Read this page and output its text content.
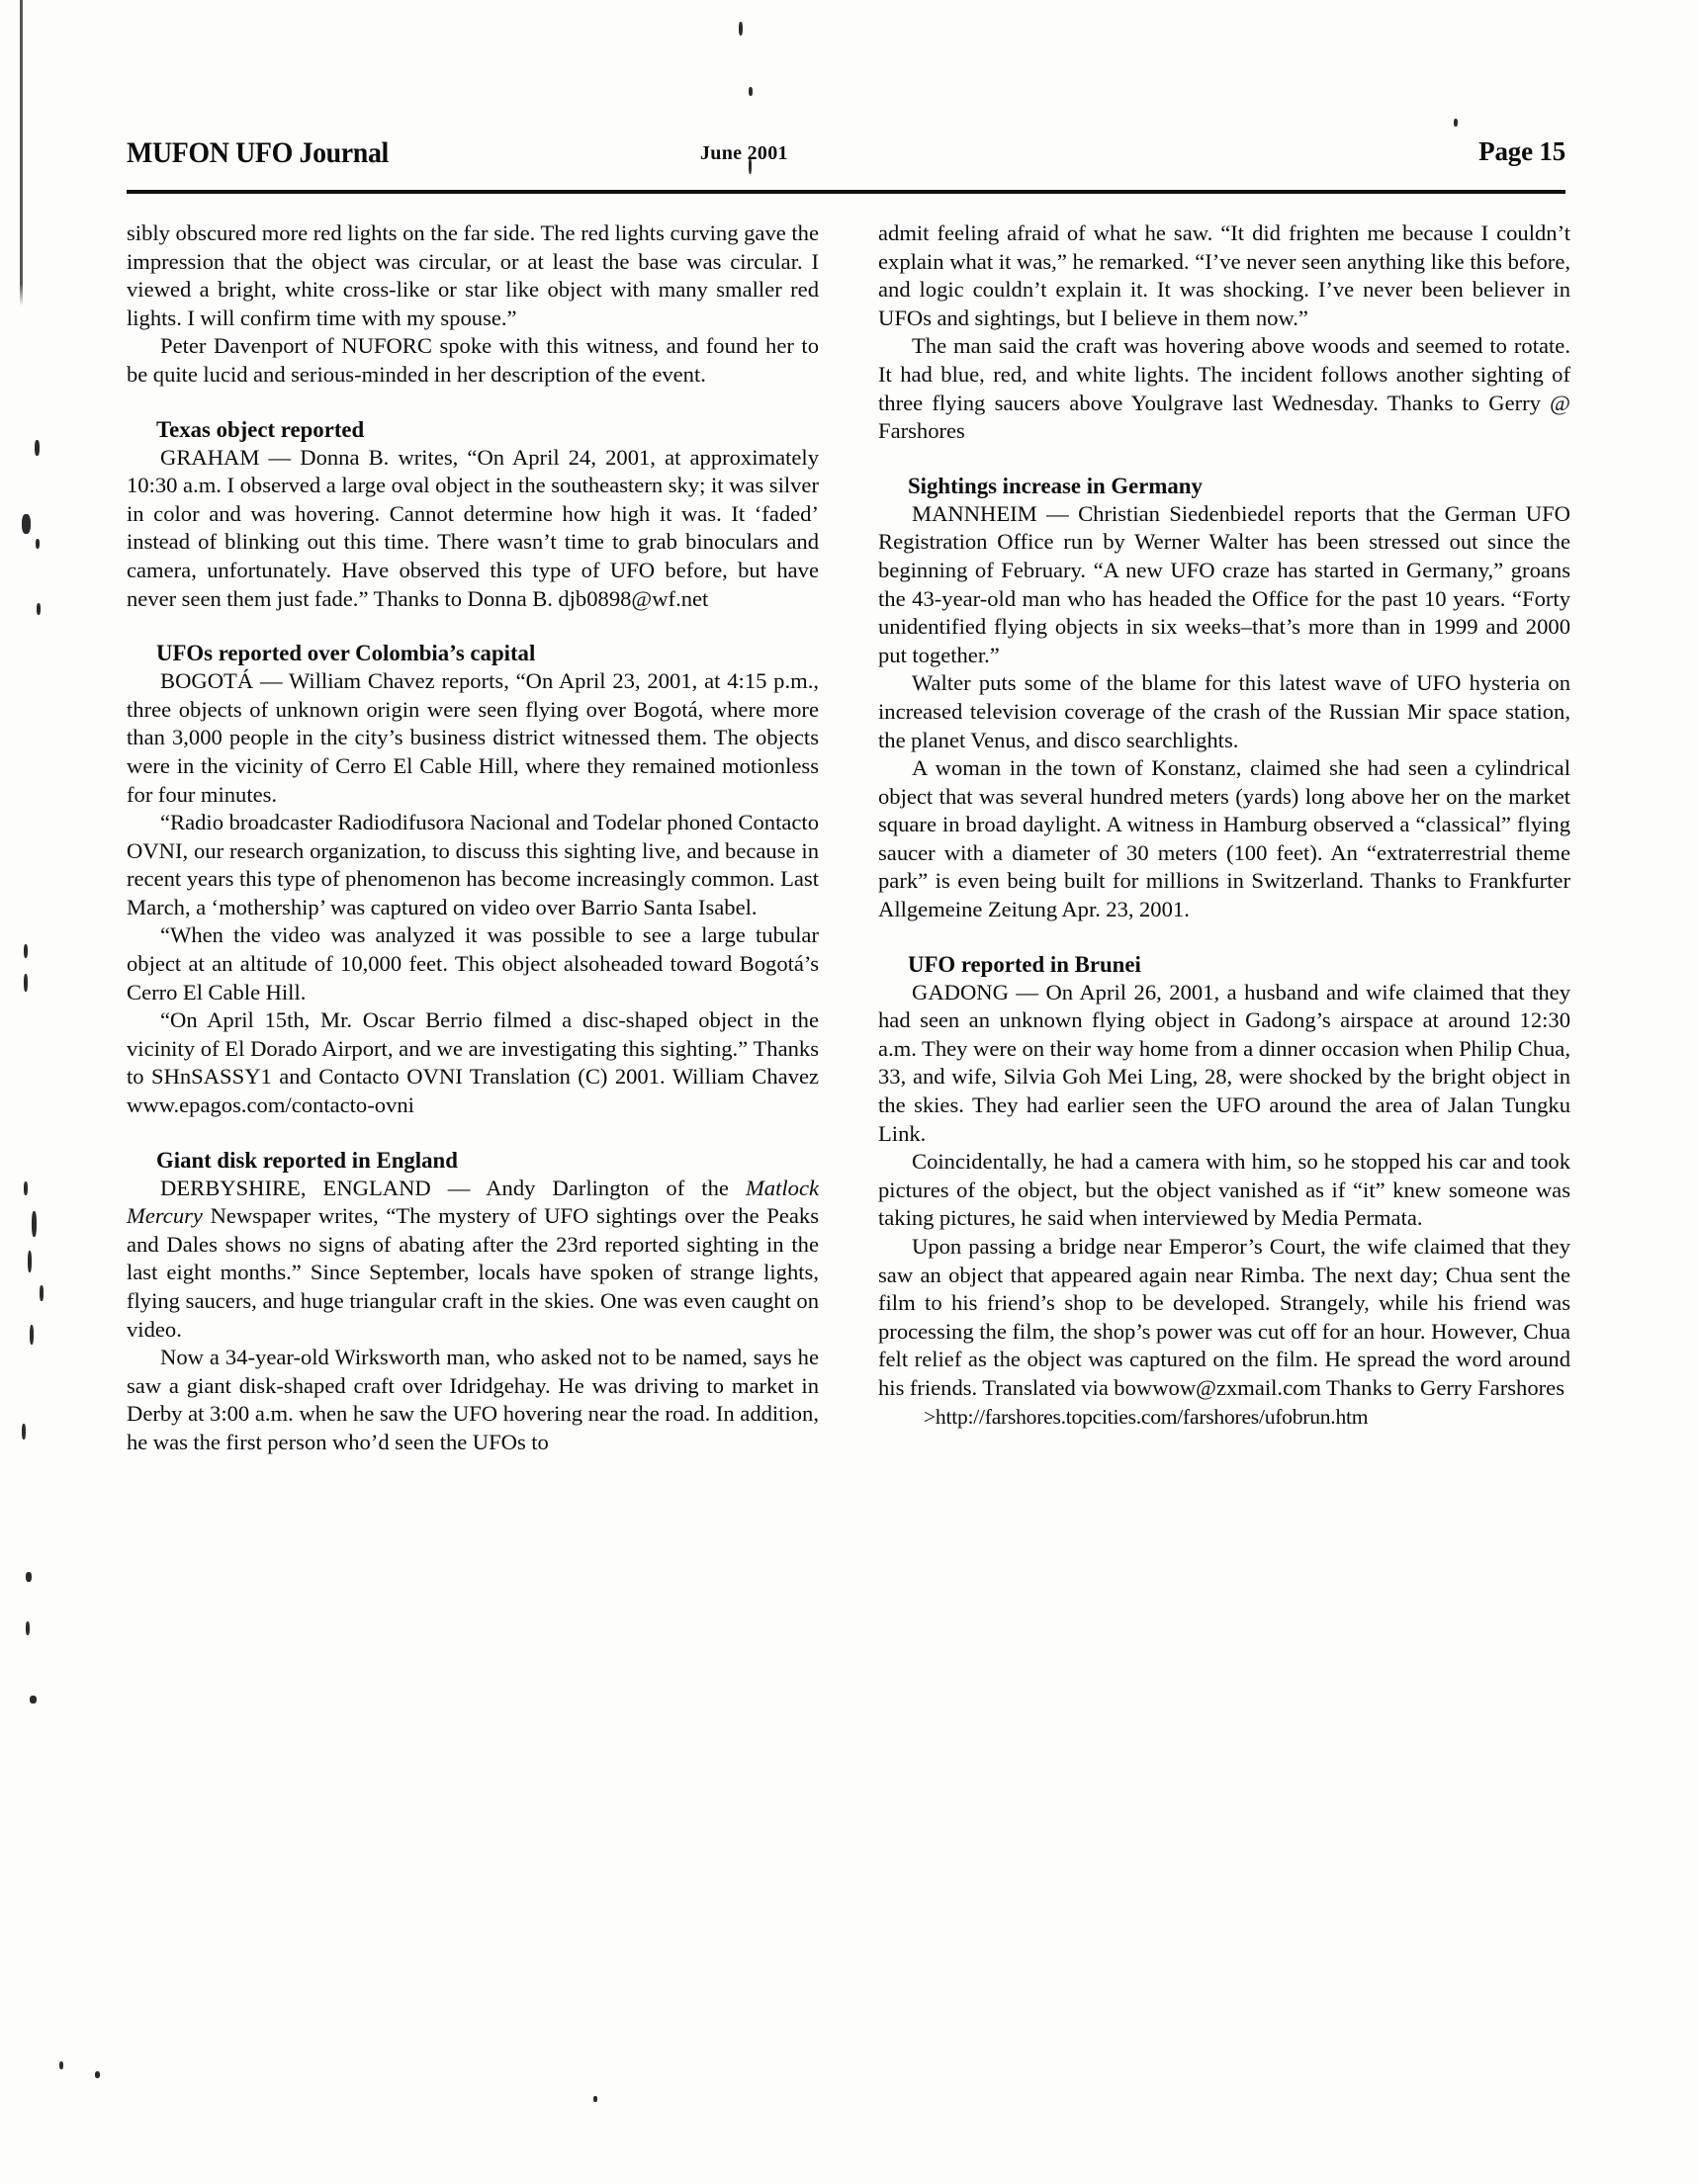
MUFON UFO Journal	June 2001	Page 15

sibly obscured more red lights on the far side. The red lights curving gave the impression that the object was circular, or at least the base was circular. I viewed a bright, white cross-like or star like object with many smaller red lights. I will confirm time with my spouse.”

Peter Davenport of NUFORC spoke with this witness, and found her to be quite lucid and serious-minded in her description of the event.

Texas object reported

GRAHAM — Donna B. writes, “On April 24, 2001, at approximately 10:30 a.m. I observed a large oval object in the southeastern sky; it was silver in color and was hovering. Cannot determine how high it was. It ‘faded’ instead of blinking out this time. There wasn’t time to grab binoculars and camera, unfortunately. Have observed this type of UFO before, but have never seen them just fade.” Thanks to Donna B. djb0898@wf.net

UFOs reported over Colombia’s capital

BOGOTÁ — William Chavez reports, “On April 23, 2001, at 4:15 p.m., three objects of unknown origin were seen flying over Bogotá, where more than 3,000 people in the city’s business district witnessed them. The objects were in the vicinity of Cerro El Cable Hill, where they remained motionless for four minutes.

“Radio broadcaster Radiodifusora Nacional and Todelar phoned Contacto OVNI, our research organization, to discuss this sighting live, and because in recent years this type of phenomenon has become increasingly common. Last March, a ‘mothership’ was captured on video over Barrio Santa Isabel.

“When the video was analyzed it was possible to see a large tubular object at an altitude of 10,000 feet. This object alsoheaded toward Bogotá’s Cerro El Cable Hill.

“On April 15th, Mr. Oscar Berrio filmed a disc-shaped object in the vicinity of El Dorado Airport, and we are investigating this sighting.” Thanks to SHnSASSY1 and Contacto OVNI Translation (C) 2001. William Chavez www.epagos.com/contacto-ovni

Giant disk reported in England

DERBYSHIRE, ENGLAND — Andy Darlington of the Matlock Mercury Newspaper writes, “The mystery of UFO sightings over the Peaks and Dales shows no signs of abating after the 23rd reported sighting in the last eight months.” Since September, locals have spoken of strange lights, flying saucers, and huge triangular craft in the skies. One was even caught on video.

Now a 34-year-old Wirksworth man, who asked not to be named, says he saw a giant disk-shaped craft over Idridgehay. He was driving to market in Derby at 3:00 a.m. when he saw the UFO hovering near the road. In addition, he was the first person who’d seen the UFOs to

admit feeling afraid of what he saw. “It did frighten me because I couldn’t explain what it was,” he remarked. “I’ve never seen anything like this before, and logic couldn’t explain it. It was shocking. I’ve never been believer in UFOs and sightings, but I believe in them now.”

The man said the craft was hovering above woods and seemed to rotate. It had blue, red, and white lights. The incident follows another sighting of three flying saucers above Youlgrave last Wednesday. Thanks to Gerry @ Farshores

Sightings increase in Germany

MANNHEIM — Christian Siedenbiedel reports that the German UFO Registration Office run by Werner Walter has been stressed out since the beginning of February. “A new UFO craze has started in Germany,” groans the 43-year-old man who has headed the Office for the past 10 years. “Forty unidentified flying objects in six weeks–that’s more than in 1999 and 2000 put together.”

Walter puts some of the blame for this latest wave of UFO hysteria on increased television coverage of the crash of the Russian Mir space station, the planet Venus, and disco searchlights.

A woman in the town of Konstanz, claimed she had seen a cylindrical object that was several hundred meters (yards) long above her on the market square in broad daylight. A witness in Hamburg observed a “classical” flying saucer with a diameter of 30 meters (100 feet). An “extraterrestrial theme park” is even being built for millions in Switzerland. Thanks to Frankfurter Allgemeine Zeitung Apr. 23, 2001.

UFO reported in Brunei

GADONG — On April 26, 2001, a husband and wife claimed that they had seen an unknown flying object in Gadong’s airspace at around 12:30 a.m. They were on their way home from a dinner occasion when Philip Chua, 33, and wife, Silvia Goh Mei Ling, 28, were shocked by the bright object in the skies. They had earlier seen the UFO around the area of Jalan Tungku Link.

Coincidentally, he had a camera with him, so he stopped his car and took pictures of the object, but the object vanished as if “it” knew someone was taking pictures, he said when interviewed by Media Permata.

Upon passing a bridge near Emperor’s Court, the wife claimed that they saw an object that appeared again near Rimba. The next day; Chua sent the film to his friend’s shop to be developed. Strangely, while his friend was processing the film, the shop’s power was cut off for an hour. However, Chua felt relief as the object was captured on the film. He spread the word around his friends. Translated via bowwow@zxmail.com Thanks to Gerry Farshores

>http://farshores.topcities.com/farshores/ufobrun.htm
